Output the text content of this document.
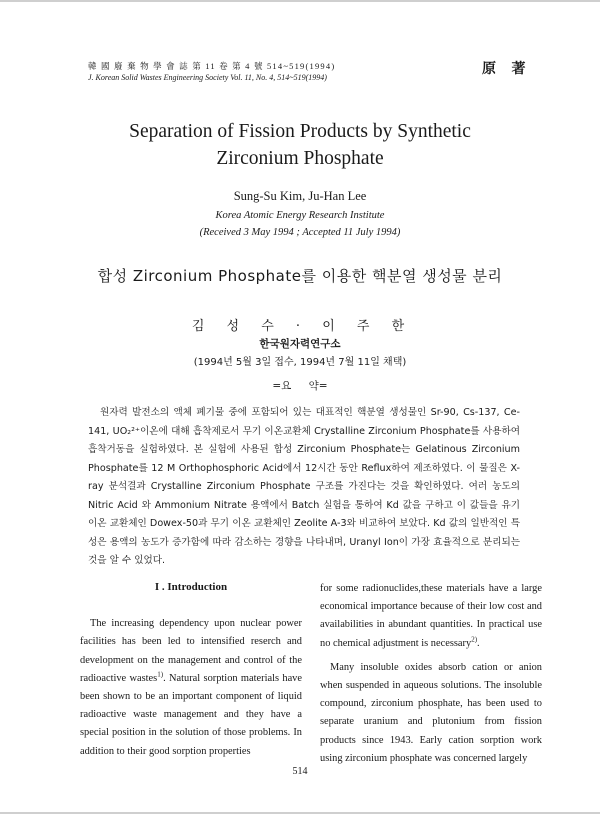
韓 國 廢 棄 物 學 會 誌 第 11 卷 第 4 號 514~519(1994)
J. Korean Solid Wastes Engineering Society Vol. 11, No. 4, 514~519(1994)
原 著
Separation of Fission Products by Synthetic
Zirconium Phosphate
Sung-Su Kim, Ju-Han Lee
Korea Atomic Energy Research Institute
(Received 3 May 1994 ; Accepted 11 July 1994)
합성 Zirconium Phosphate를 이용한 핵분열 생성물 분리
김 성 수 · 이 주 한
한국원자력연구소
(1994년 5월 3일 접수, 1994년 7월 11일 채택)
=요 약=

원자력 발전소의 액체 폐기물 중에 포함되어 있는 대표적인 핵분열 생성물인 Sr-90, Cs-137, Ce-141, UO₂²⁺이온에 대해 흡착제로서 무기 이온교환체 Crystalline Zirconium Phosphate를 사용하여 흡착거동을 실험하였다. 본 실험에 사용된 합성 Zirconium Phosphate는 Gelatinous Zirconium Phosphate를 12 M Orthophosphoric Acid에서 12시간 동안 Reflux하여 제조하였다. 이 물질은 X-ray 분석결과 Crystalline Zirconium Phosphate 구조를 가진다는 것을 확인하였다. 여러 농도의 Nitric Acid 와 Ammonium Nitrate 용액에서 Batch 실험을 통하여 Kd 값을 구하고 이 값들을 유기 이온 교환체인 Dowex-50과 무기 이온 교환체인 Zeolite A-3와 비교하여 보았다. Kd 값의 일반적인 특성은 용액의 농도가 증가함에 따라 감소하는 경향을 나타내며, Uranyl Ion이 가장 효율적으로 분리되는 것을 알 수 있었다.

I . Introduction

The increasing dependency upon nuclear power facilities has been led to intensified reserch and development on the management and control of the radioactive wastes$^{1)}$. Natural sorption materials have been shown to be an important component of liquid radioactive waste management and they have a special position in the solution of those problems. In addition to their good sorption properties

for some radionuclides,these materials have a large economical importance because of their low cost and availabilities in abundant quantities. In practical use no chemical adjustment is necessary$^{2)}$.

Many insoluble oxides absorb cation or anion when suspended in aqueous solutions. The insoluble compound, zirconium phosphate, has been used to separate uranium and plutonium from fission products since 1943. Early cation sorption work using zirconium phosphate was concerned largely

514
